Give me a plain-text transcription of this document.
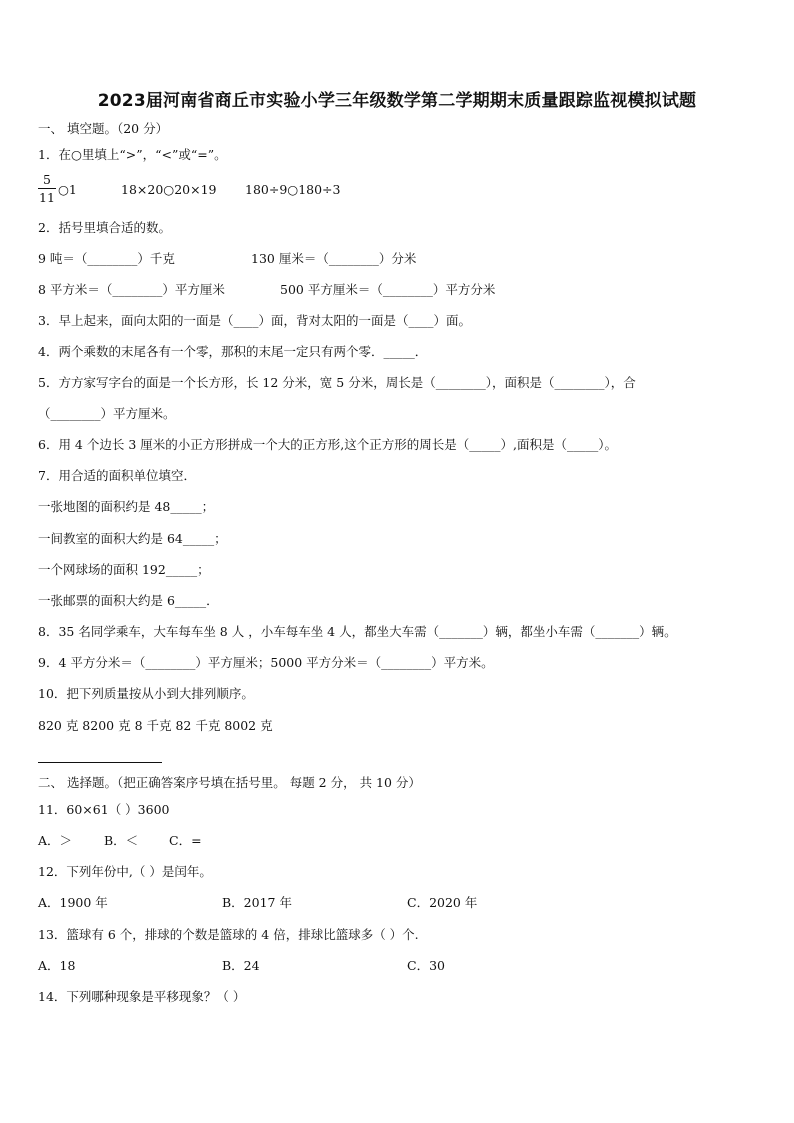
2023届河南省商丘市实验小学三年级数学第二学期期末质量跟踪监视模拟试题
一、 填空题。（20 分）
1．在○里填上“>”，“<”或“=”。
$\frac{5}{11}$ ○1	18×20○20×19 180÷9○180÷3
2．括号里填合适的数。
9 吨＝（________）千克	130 厘米＝（________）分米
8 平方米＝（________）平方厘米	500 平方厘米＝（________）平方分米
3．早上起来，面向太阳的一面是（____）面，背对太阳的一面是（____）面。
4．两个乘数的末尾各有一个零，那积的末尾一定只有两个零．_____．
5．方方家写字台的面是一个长方形，长 12 分米，宽 5 分米，周长是（________），面积是（________），合
（________）平方厘米。
6．用 4 个边长 3 厘米的小正方形拼成一个大的正方形,这个正方形的周长是（_____）,面积是（_____）。
7．用合适的面积单位填空．
一张地图的面积约是 48_____；
一间教室的面积大约是 64_____；
一个网球场的面积 192_____；
一张邮票的面积大约是 6_____．
8．35 名同学乘车，大车每车坐 8 人 ，小车每车坐 4 人，都坐大车需（_______）辆，都坐小车需（_______）辆。
9．4 平方分米＝（________）平方厘米；5000 平方分米＝（________）平方米。
10．把下列质量按从小到大排列顺序。
820 克 8200 克 8 千克 82 千克 8002 克
二、 选择题。（把正确答案序号填在括号里。 每题 2 分， 共 10 分）
11．60×61（ ）3600
A．＞	B．＜ C．=
12．下列年份中,（ ）是闰年。
A．1900 年	B．2017 年	C．2020 年
13．篮球有 6 个，排球的个数是篮球的 4 倍，排球比篮球多（ ）个.
A．18	B．24	C．30
14．下列哪种现象是平移现象？（ ）
